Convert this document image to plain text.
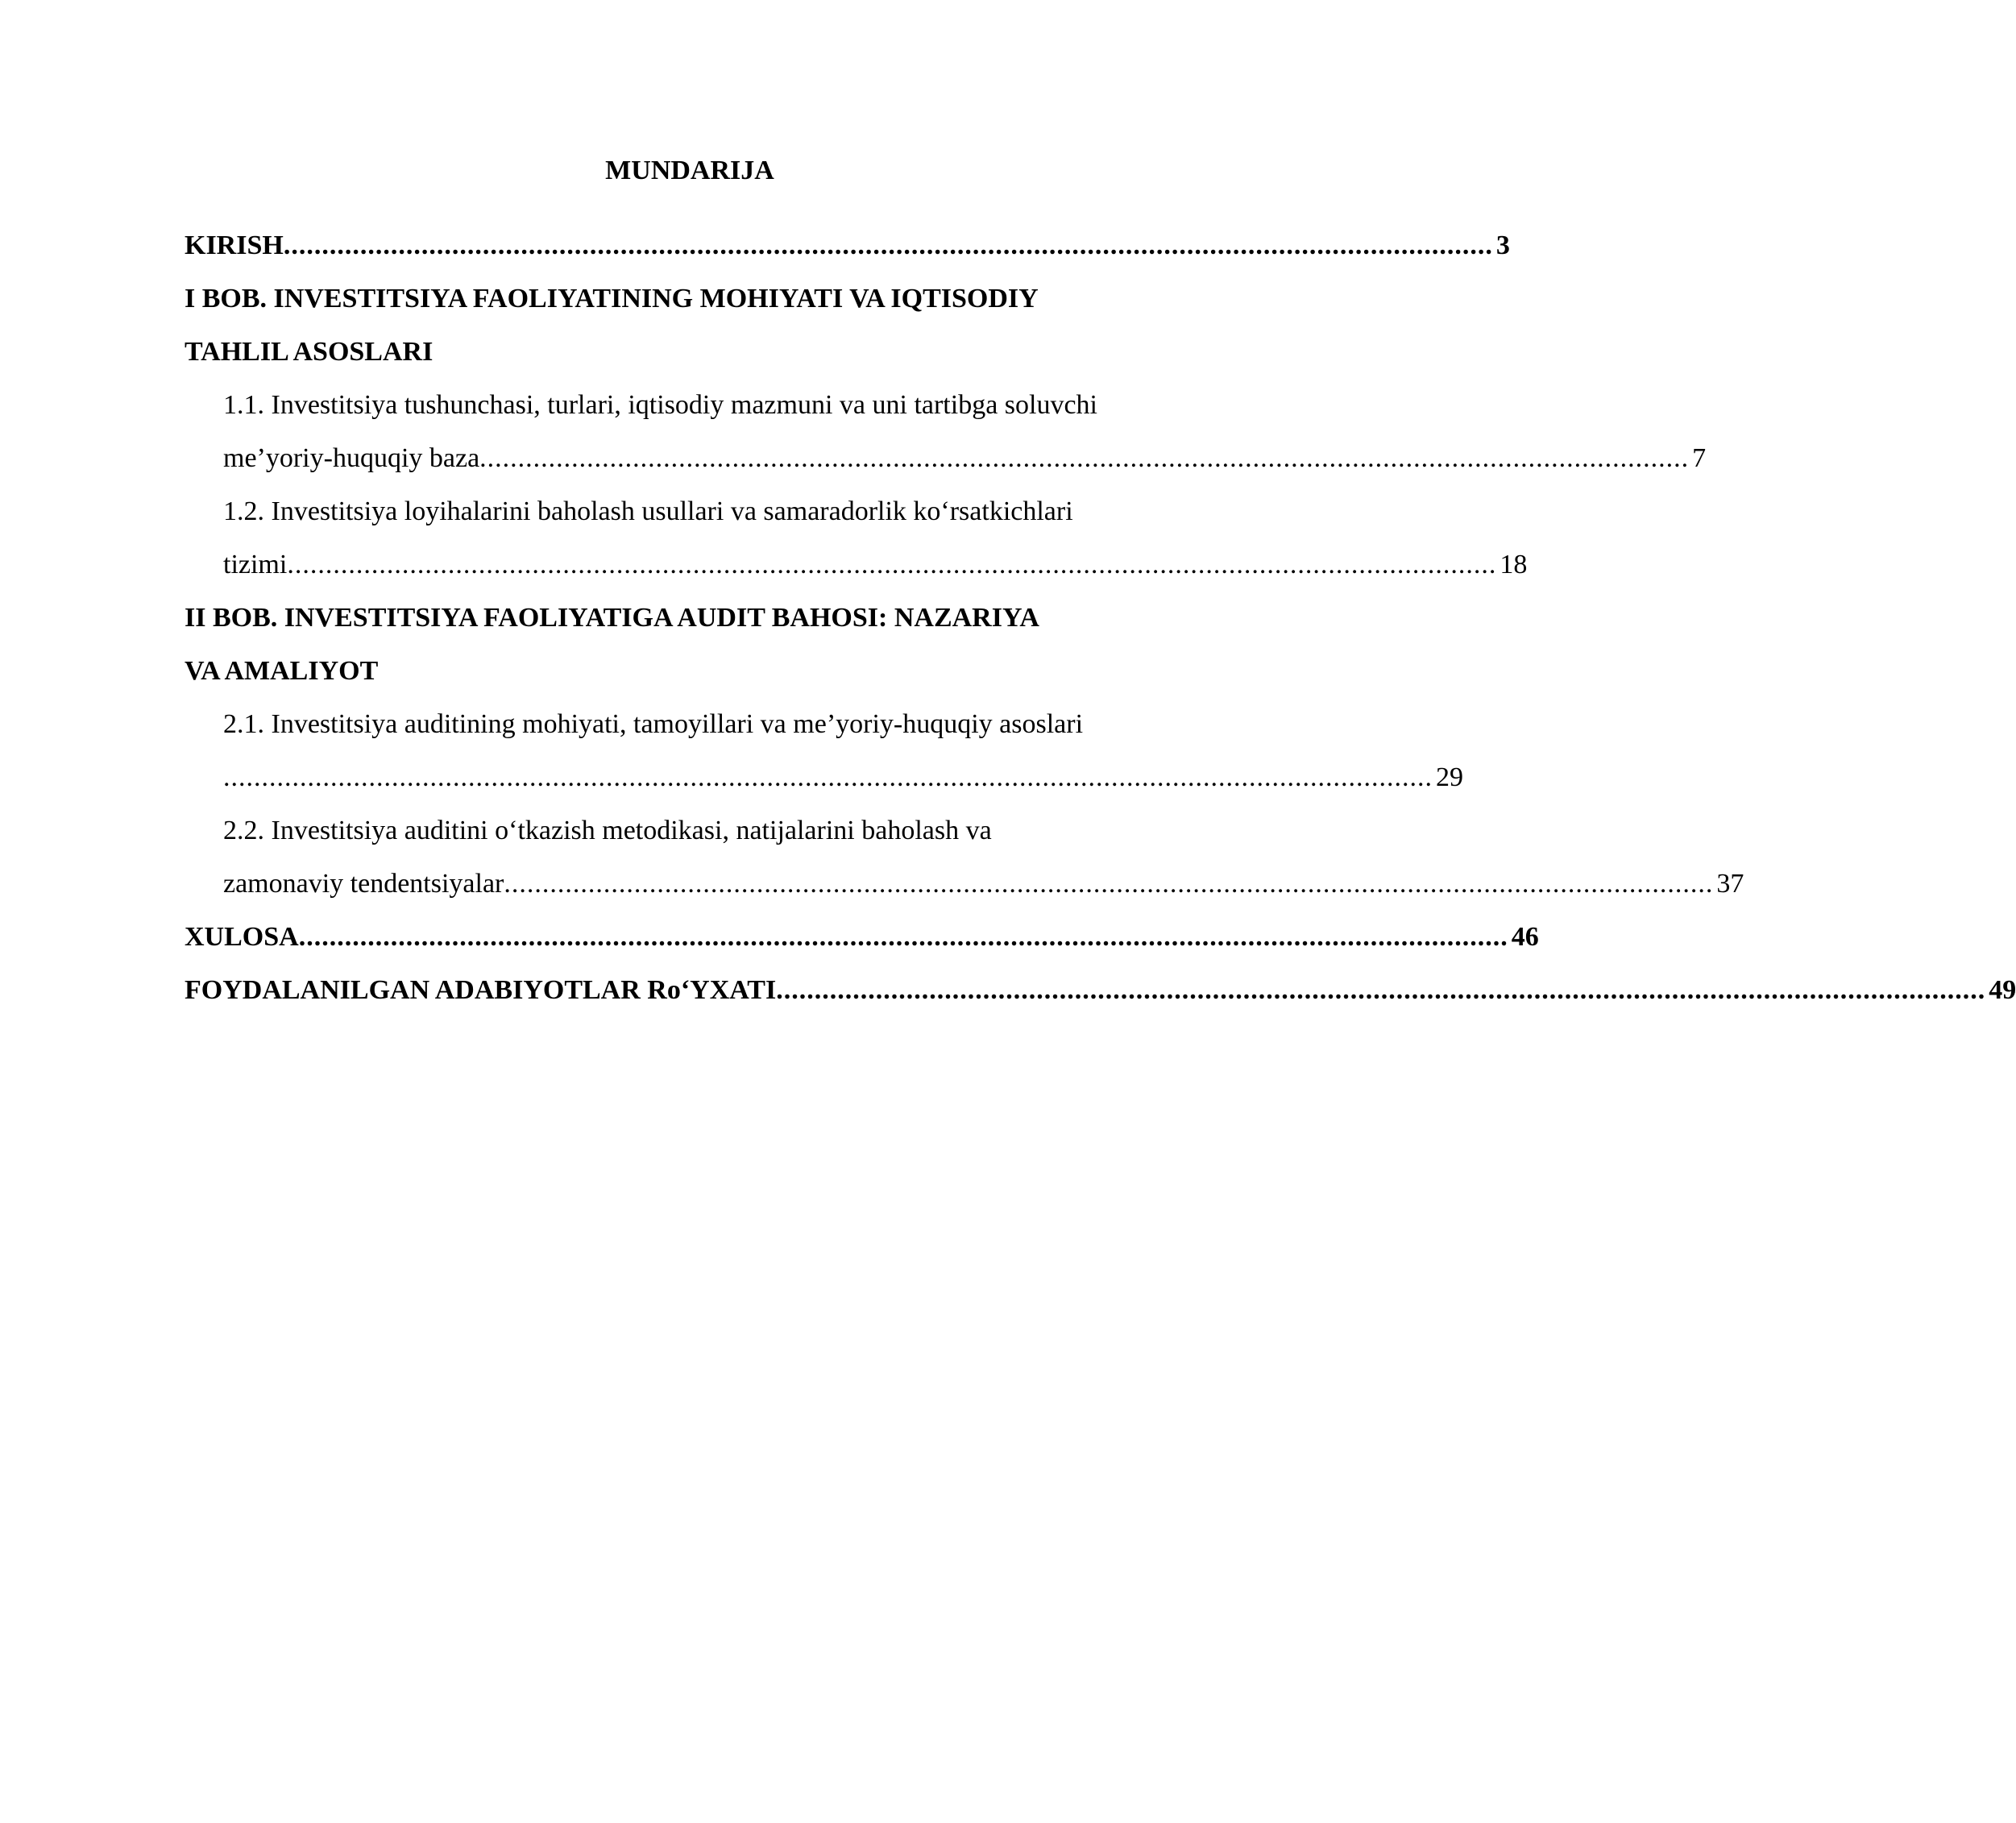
MUNDARIJA
KIRISH .............................................................................................................................................................. 3
I BOB. INVESTITSIYA FAOLIYATINING MOHIYATI VA IQTISODIY
TAHLIL ASOSLARI
1.1. Investitsiya tushunchasi, turlari, iqtisodiy mazmuni va uni tartibga soluvchi
me’yoriy-huquqiy baza .............................................................................................................................................................. 7
1.2. Investitsiya loyihalarini baholash usullari va samaradorlik ko‘rsatkichlari
tizimi .............................................................................................................................................................. 18
II BOB. INVESTITSIYA FAOLIYATIGA AUDIT BAHOSI: NAZARIYA
VA AMALIYOT
2.1. Investitsiya auditining mohiyati, tamoyillari va me’yoriy-huquqiy asoslari
.............................................................................................................................................................. 29
2.2. Investitsiya auditini o‘tkazish metodikasi, natijalarini baholash va
zamonaviy tendentsiyalar .............................................................................................................................................................. 37
XULOSA .............................................................................................................................................................. 46
FOYDALANILGAN ADABIYOTLAR Ro‘YXATI .............................................................................................................................................................. 49
